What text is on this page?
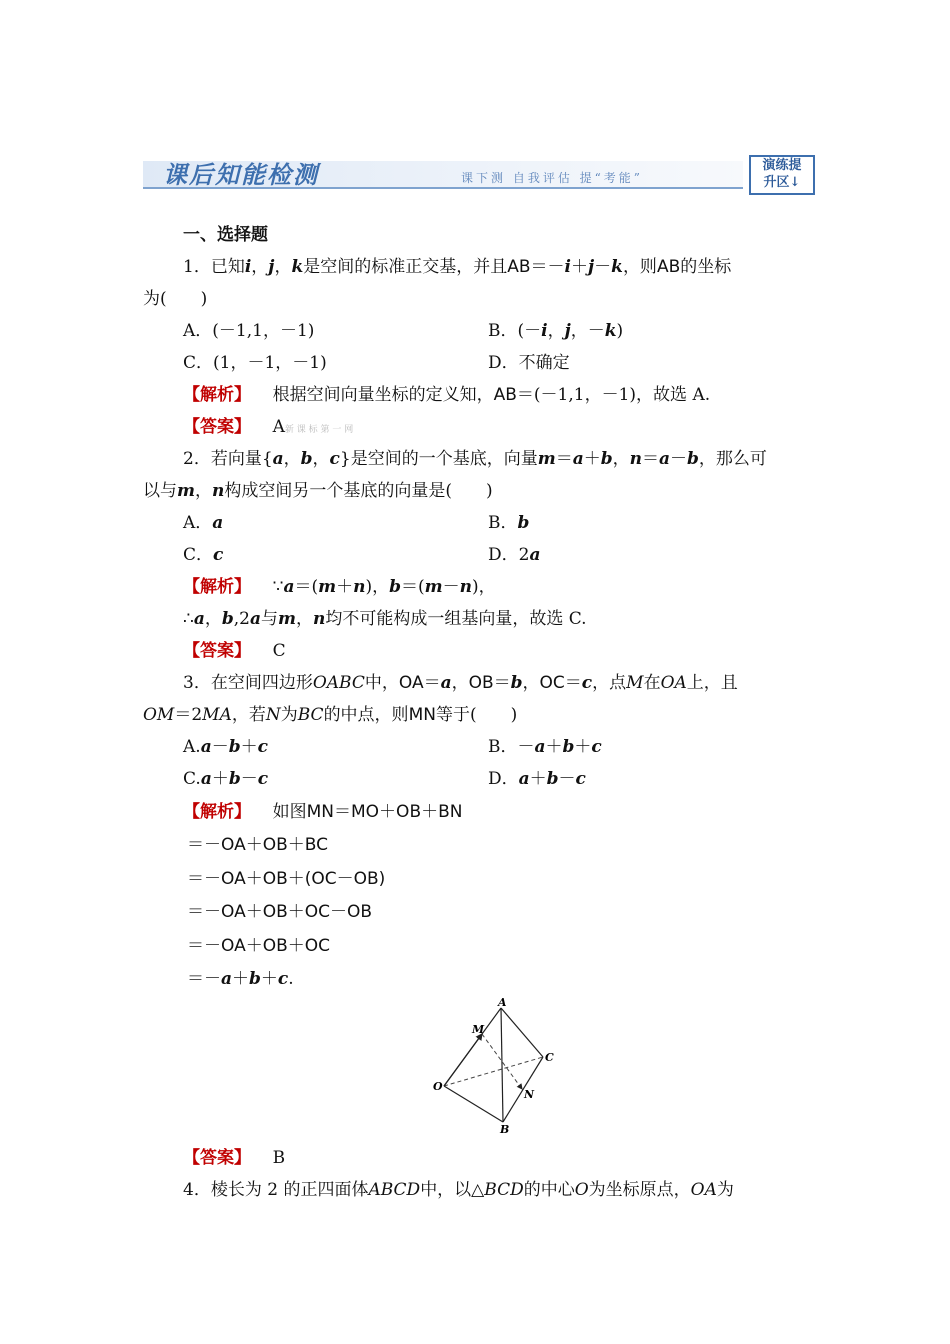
课后知能检测	课下测 自我评估 提“考能”
演练提
升区↓
一、选择题
1．已知i，j，k是空间的标准正交基，并且AB＝－i＋j－k，则AB的坐标
为(　　)
A．(－1,1，－1)	B．(－i，j，－k)
C．(1，－1，－1)	D．不确定
【解析】 根据空间向量坐标的定义知，AB＝(－1,1，－1)，故选 A.
【答案】 A新 课 标 第 一 网
2．若向量{a，b，c}是空间的一个基底，向量m＝a＋b，n＝a－b，那么可
以与m，n构成空间另一个基底的向量是(　　)
A．a	B．b
C．c	D．2a
【解析】 ∵a＝(m＋n)，b＝(m－n)，
∴a，b,2a与m，n均不可能构成一组基向量，故选 C.
【答案】 C
3．在空间四边形OABC中，OA＝a，OB＝b，OC＝c，点M在OA上，且
OM＝2MA，若N为BC的中点，则MN等于(　　)
A.a－b＋c	B．－a＋b＋c
C.a＋b－c	D．a＋b－c
【解析】 如图MN＝MO＋OB＋BN
＝－OA＋OB＋BC
＝－OA＋OB＋(OC－OB)
＝－OA＋OB＋OC－OB
＝－OA＋OB＋OC
＝－a＋b＋c.
A
M
C
O
N
B
【答案】 B
4．棱长为 2 的正四面体ABCD中，以△BCD的中心O为坐标原点，OA为
